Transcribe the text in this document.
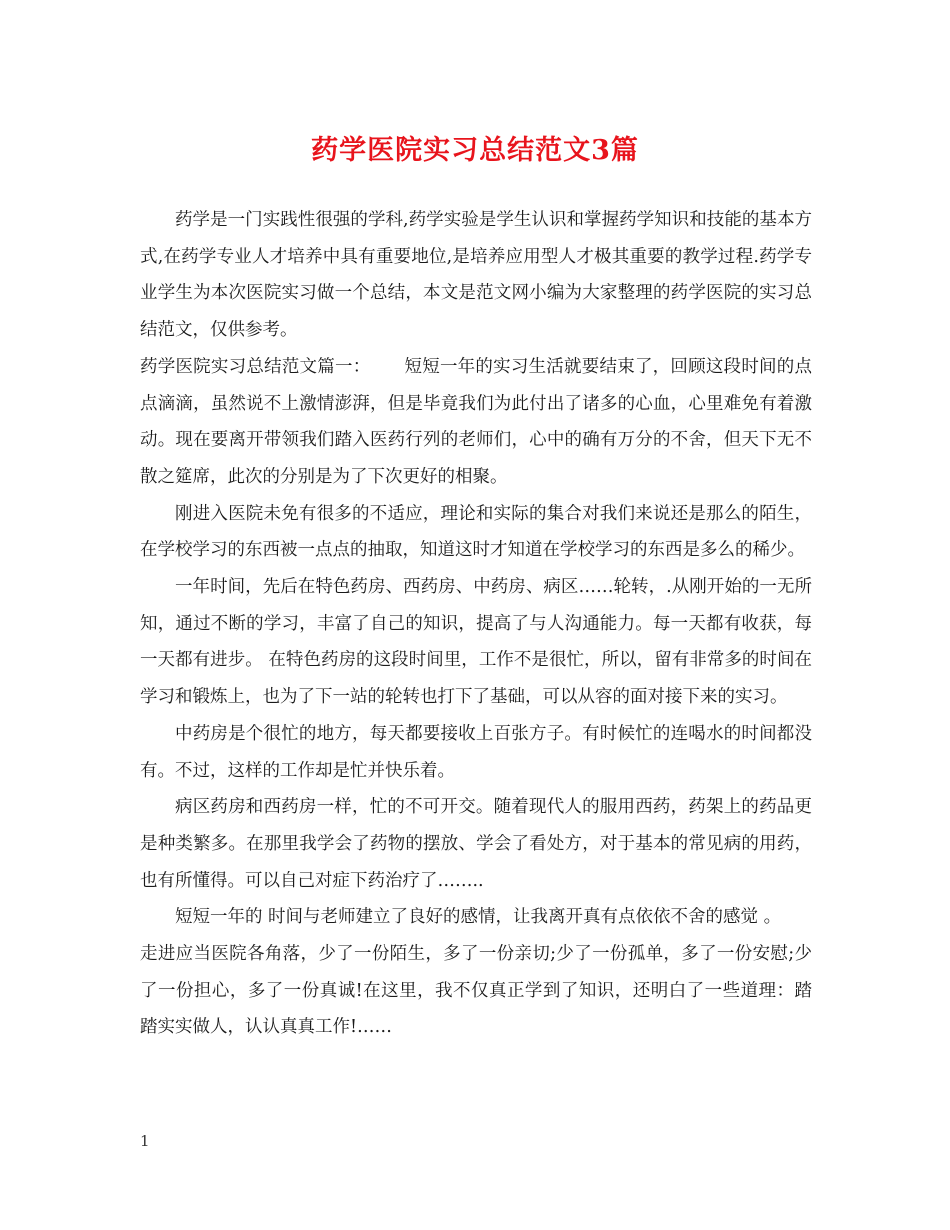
药学医院实习总结范文3篇

药学是一门实践性很强的学科,药学实验是学生认识和掌握药学知识和技能的基本方式,在药学专业人才培养中具有重要地位,是培养应用型人才极其重要的教学过程.药学专业学生为本次医院实习做一个总结，本文是范文网小编为大家整理的药学医院的实习总结范文，仅供参考。

药学医院实习总结范文篇一： 短短一年的实习生活就要结束了，回顾这段时间的点点滴滴，虽然说不上激情澎湃，但是毕竟我们为此付出了诸多的心血，心里难免有着激动。现在要离开带领我们踏入医药行列的老师们，心中的确有万分的不舍，但天下无不散之筵席，此次的分别是为了下次更好的相聚。

刚进入医院未免有很多的不适应，理论和实际的集合对我们来说还是那么的陌生，在学校学习的东西被一点点的抽取，知道这时才知道在学校学习的东西是多么的稀少。

一年时间，先后在特色药房、西药房、中药房、病区……轮转，.从刚开始的一无所知，通过不断的学习，丰富了自己的知识，提高了与人沟通能力。每一天都有收获，每一天都有进步。 在特色药房的这段时间里，工作不是很忙，所以，留有非常多的时间在学习和锻炼上，也为了下一站的轮转也打下了基础，可以从容的面对接下来的实习。

中药房是个很忙的地方，每天都要接收上百张方子。有时候忙的连喝水的时间都没有。不过，这样的工作却是忙并快乐着。

病区药房和西药房一样，忙的不可开交。随着现代人的服用西药，药架上的药品更是种类繁多。在那里我学会了药物的摆放、学会了看处方，对于基本的常见病的用药，也有所懂得。可以自己对症下药治疗了……..

短短一年的 时间与老师建立了良好的感情，让我离开真有点依依不舍的感觉 。

走进应当医院各角落，少了一份陌生，多了一份亲切;少了一份孤单，多了一份安慰;少了一份担心，多了一份真诚!在这里，我不仅真正学到了知识，还明白了一些道理：踏踏实实做人，认认真真工作!……

1
